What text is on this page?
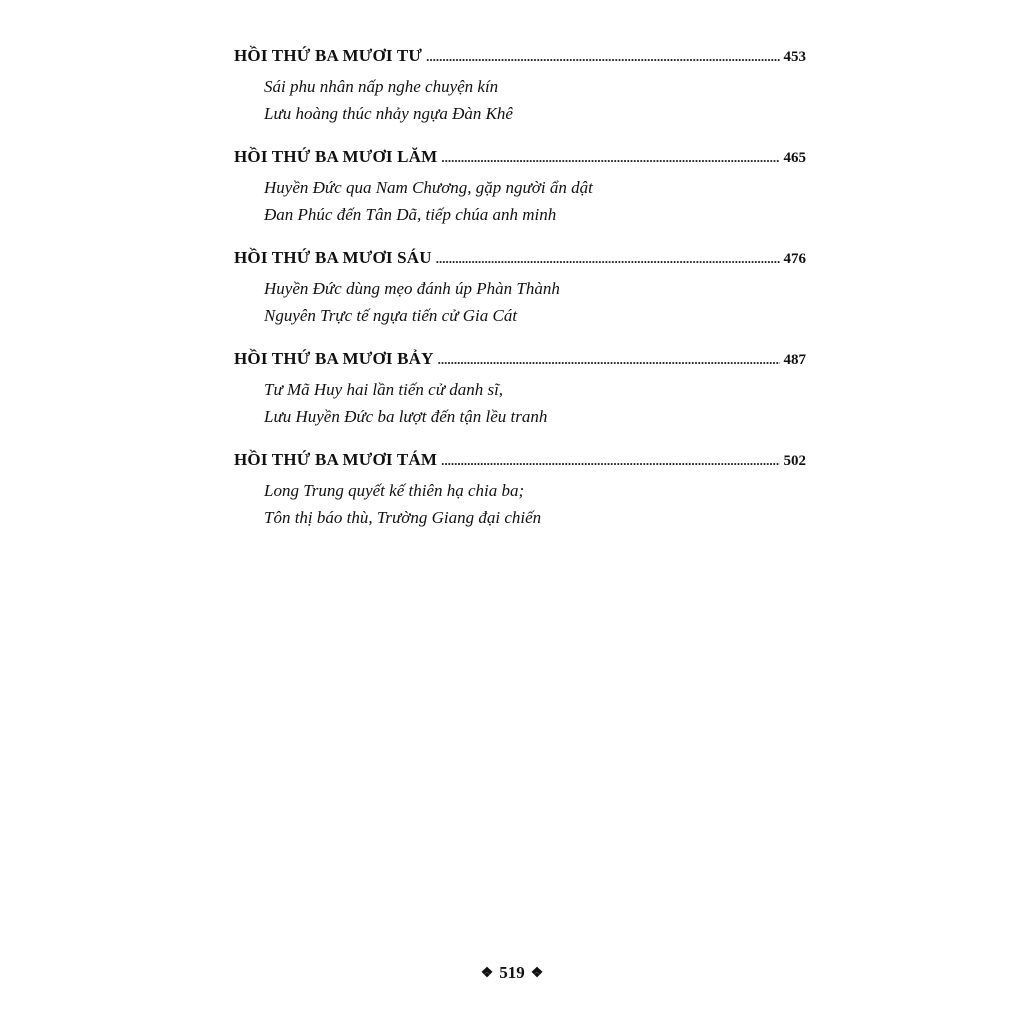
HỒI THỨ BA MƯƠI TƯ .....	453
Sái phu nhân nấp nghe chuyện kín
Lưu hoàng thúc nhảy ngựa Đàn Khê
HỒI THỨ BA MƯƠI LĂM .....	465
Huyền Đức qua Nam Chương, gặp người ẩn dật
Đan Phúc đến Tân Dã, tiếp chúa anh minh
HỒI THỨ BA MƯƠI SÁU .....	476
Huyền Đức dùng mẹo đánh úp Phàn Thành
Nguyên Trực tế ngựa tiến cử Gia Cát
HỒI THỨ BA MƯƠI BẢY .....	487
Tư Mã Huy hai lần tiến cử danh sĩ,
Lưu Huyền Đức ba lượt đến tận lều tranh
HỒI THỨ BA MƯƠI TÁM .....	502
Long Trung quyết kế thiên hạ chia ba;
Tôn thị báo thù, Trường Giang đại chiến
❖ 519 ❖
